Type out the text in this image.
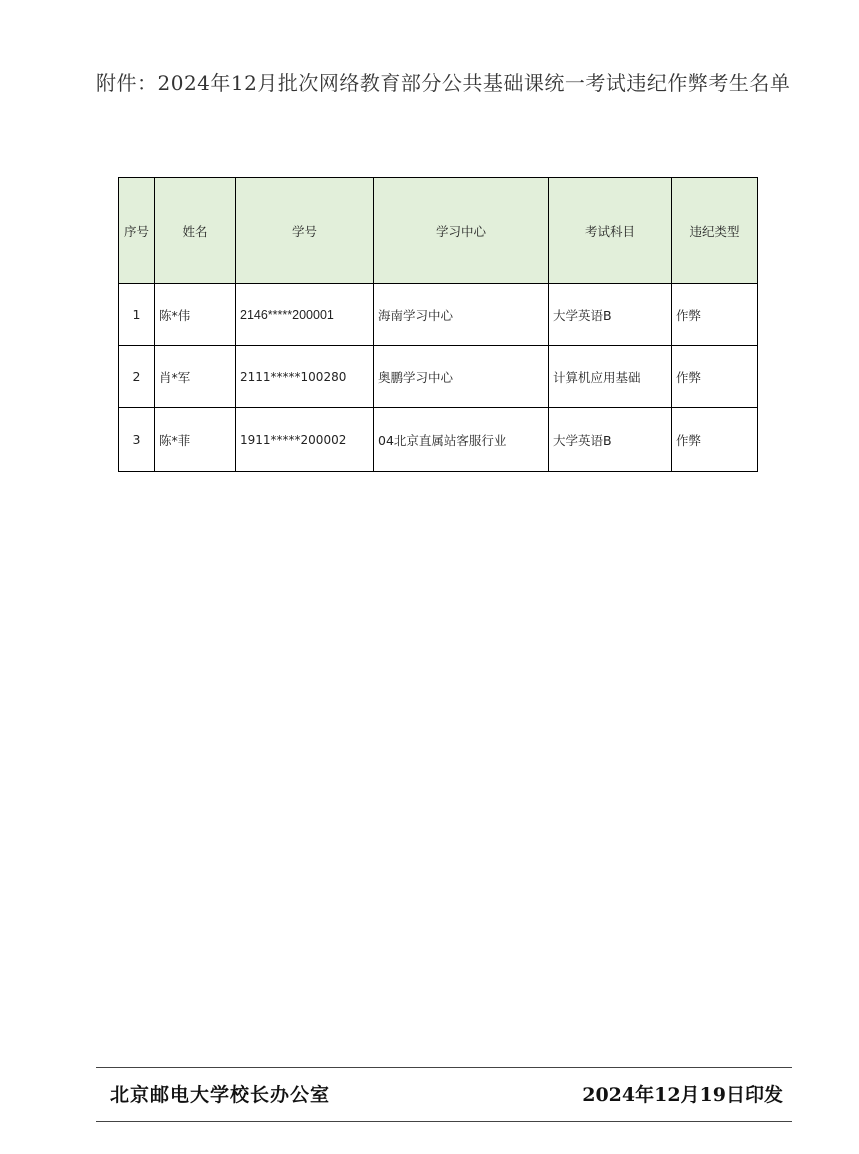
附件：2024年12月批次网络教育部分公共基础课统一考试违纪作弊考生名单
序号	姓名	学号	学习中心	考试科目	违纪类型
1	陈*伟	2146*****200001	海南学习中心	大学英语B	作弊
2	肖*军	2111*****100280	奥鹏学习中心	计算机应用基础	作弊
3	陈*菲	1911*****200002	04北京直属站客服行业	大学英语B	作弊
北京邮电大学校长办公室	2024年12月19日印发
